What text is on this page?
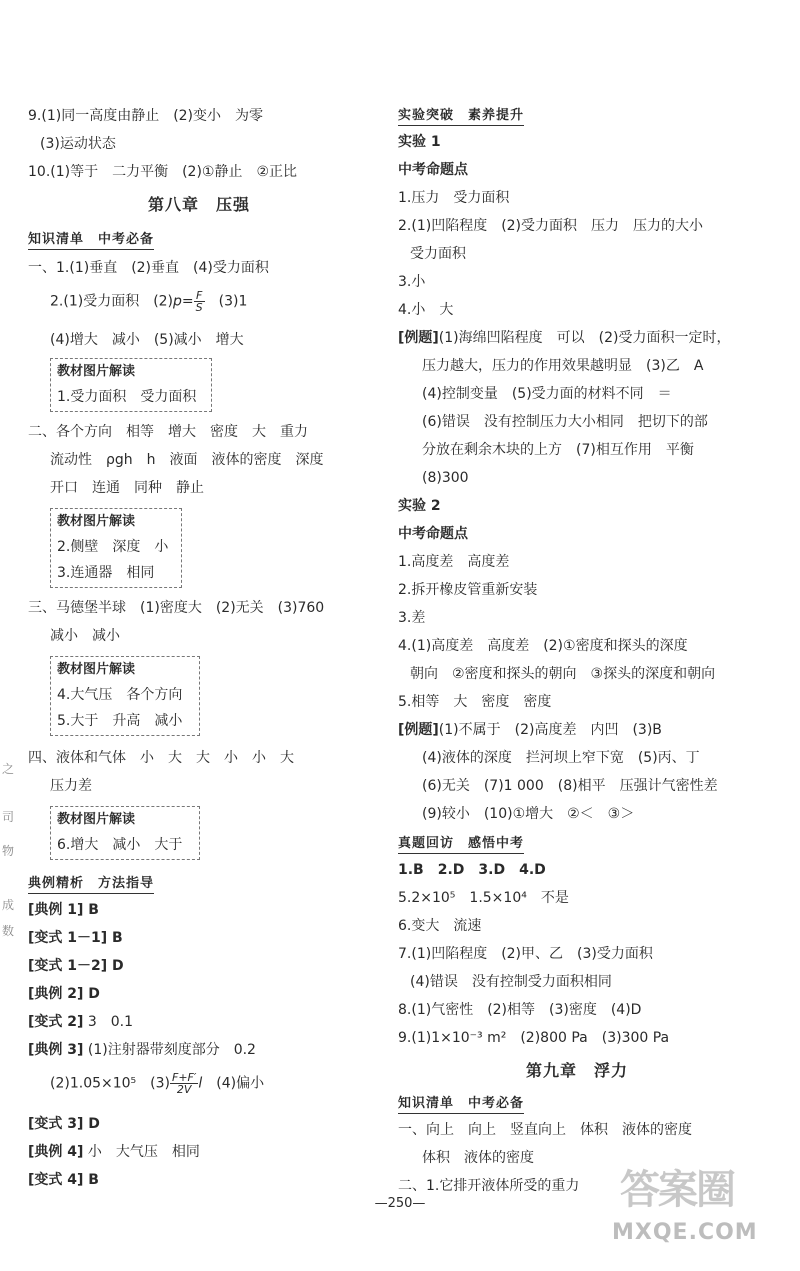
之
司
物
成
数
9.(1)同一高度由静止　(2)变小　为零
(3)运动状态
10.(1)等于　二力平衡　(2)①静止　②正比
第八章　压强
知识清单　中考必备
一、1.(1)垂直　(2)垂直　(4)受力面积
2.(1)受力面积　$(2)p= \frac{F}{S}$ 　(3)1
(4)增大　减小　(5)减小　增大
教材图片解读
1.受力面积　受力面积
二、各个方向　相等　增大　密度　大　重力
流动性　ρgh　h　液面　液体的密度　深度
开口　连通　同种　静止
教材图片解读
2.侧壁　深度　小
3.连通器　相同
三、马德堡半球　(1)密度大　(2)无关　(3)760
减小　减小
教材图片解读
4.大气压　各个方向
5.大于　升高　减小
四、液体和气体　小　大　大　小　小　大
压力差
教材图片解读
6.增大　减小　大于
典例精析　方法指导
[典例 1] B
[变式 1－1] B
[变式 1－2] D
[典例 2] D
[变式 2] 3　0.1
[典例 3] (1)注射器带刻度部分　0.2
(2)1.05×10⁵　$(3) \frac{F+F'}{2V}$ l　(4)偏小
[变式 3] D
[典例 4] 小　大气压　相同
[变式 4] B
实验突破　素养提升
实验 1
中考命题点
1.压力　受力面积
2.(1)凹陷程度　(2)受力面积　压力　压力的大小
受力面积
3.小
4.小　大
[例题](1)海绵凹陷程度　可以　(2)受力面积一定时，
压力越大，压力的作用效果越明显　(3)乙　A
(4)控制变量　(5)受力面的材料不同　＝
(6)错误　没有控制压力大小相同　把切下的部
分放在剩余木块的上方　(7)相互作用　平衡
(8)300
实验 2
中考命题点
1.高度差　高度差
2.拆开橡皮管重新安装
3.差
4.(1)高度差　高度差　(2)①密度和探头的深度
朝向　②密度和探头的朝向　③探头的深度和朝向
5.相等　大　密度　密度
[例题](1)不属于　(2)高度差　内凹　(3)B
(4)液体的深度　拦河坝上窄下宽　(5)丙、丁
(6)无关　(7)1 000　(8)相平　压强计气密性差
(9)较小　(10)①增大　②＜　③＞
真题回访　感悟中考
1.B　2.D　3.D　4.D
5.2×10⁵　1.5×10⁴　不是
6.变大　流速
7.(1)凹陷程度　(2)甲、乙　(3)受力面积
(4)错误　没有控制受力面积相同
8.(1)气密性　(2)相等　(3)密度　(4)D
9.(1)1×10⁻³ m²　(2)800 Pa　(3)300 Pa
第九章　浮力
知识清单　中考必备
一、向上　向上　竖直向上　体积　液体的密度
体积　液体的密度
二、1.它排开液体所受的重力
—250—	答案圈
MXQE.COM
